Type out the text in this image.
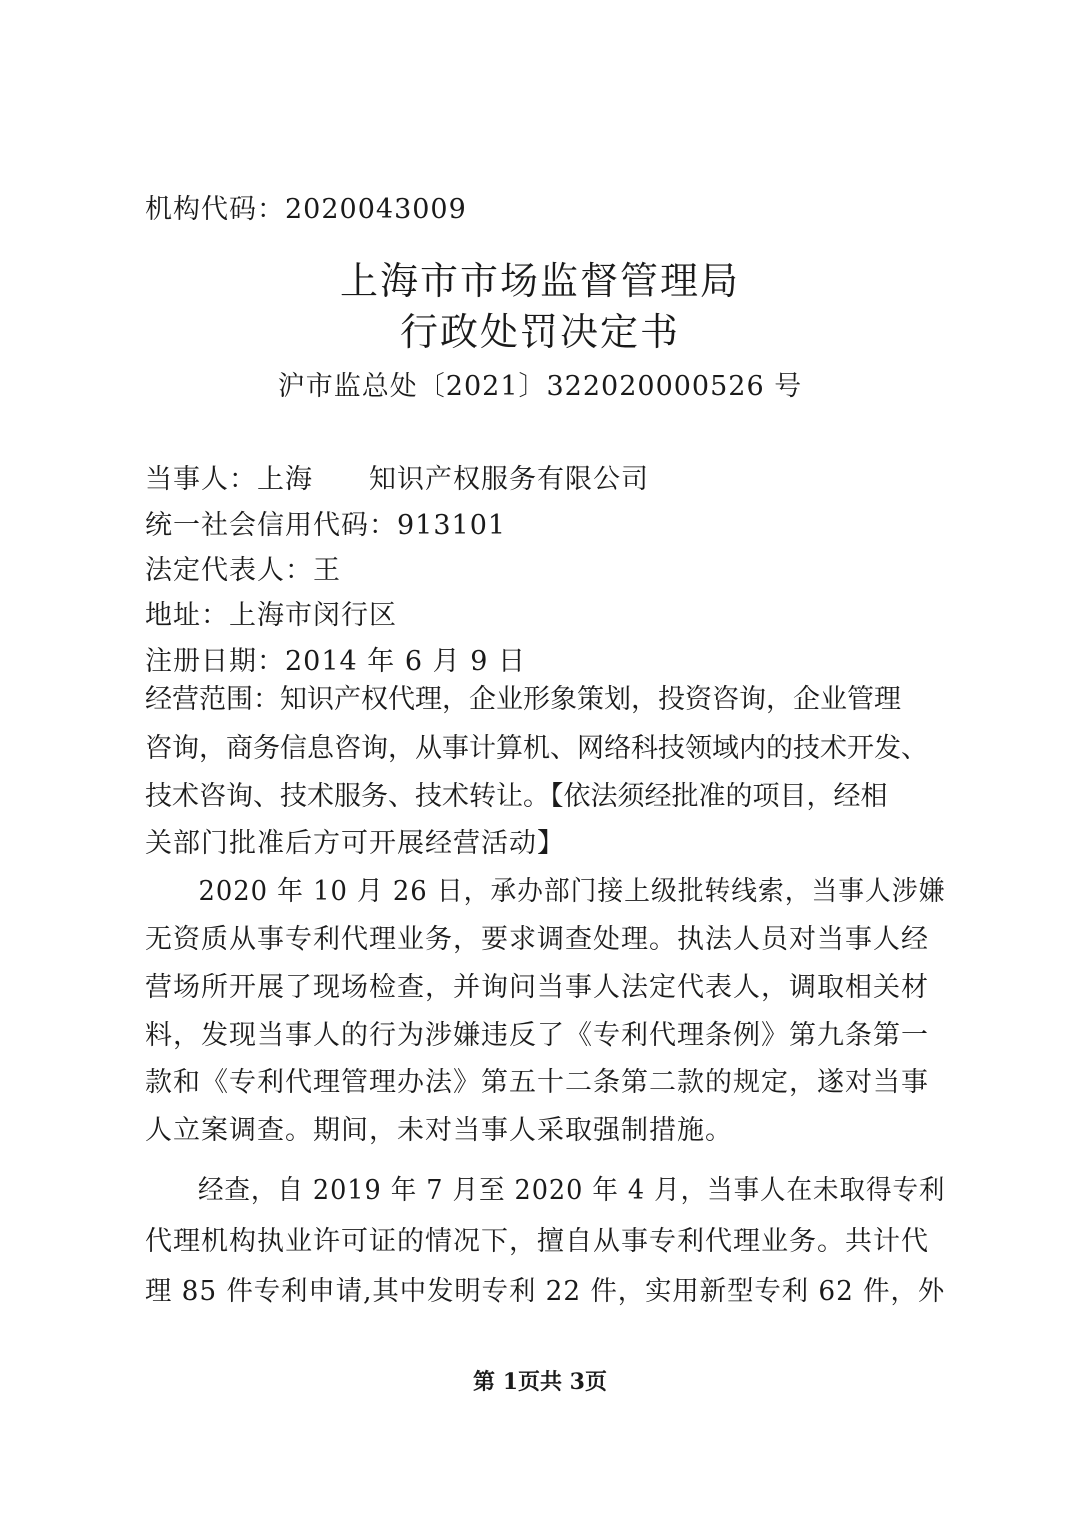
机构代码：2020043009
上海市市场监督管理局
行政处罚决定书
沪市监总处〔2021〕322020000526 号
当事人：上海　　知识产权服务有限公司
统一社会信用代码：913101
法定代表人：王
地址：上海市闵行区
注册日期：2014 年 6 月 9 日
经营范围：知识产权代理，企业形象策划，投资咨询，企业管理
咨询，商务信息咨询，从事计算机、网络科技领域内的技术开发、
技术咨询、技术服务、技术转让。【依法须经批准的项目，经相
关部门批准后方可开展经营活动】
　　2020 年 10 月 26 日，承办部门接上级批转线索，当事人涉嫌
无资质从事专利代理业务，要求调查处理。执法人员对当事人经
营场所开展了现场检查，并询问当事人法定代表人，调取相关材
料，发现当事人的行为涉嫌违反了《专利代理条例》第九条第一
款和《专利代理管理办法》第五十二条第二款的规定，遂对当事
人立案调查。期间，未对当事人采取强制措施。
　　经查，自 2019 年 7 月至 2020 年 4 月，当事人在未取得专利
代理机构执业许可证的情况下，擅自从事专利代理业务。共计代
理 85 件专利申请,其中发明专利 22 件，实用新型专利 62 件，外
第 1页共 3页
